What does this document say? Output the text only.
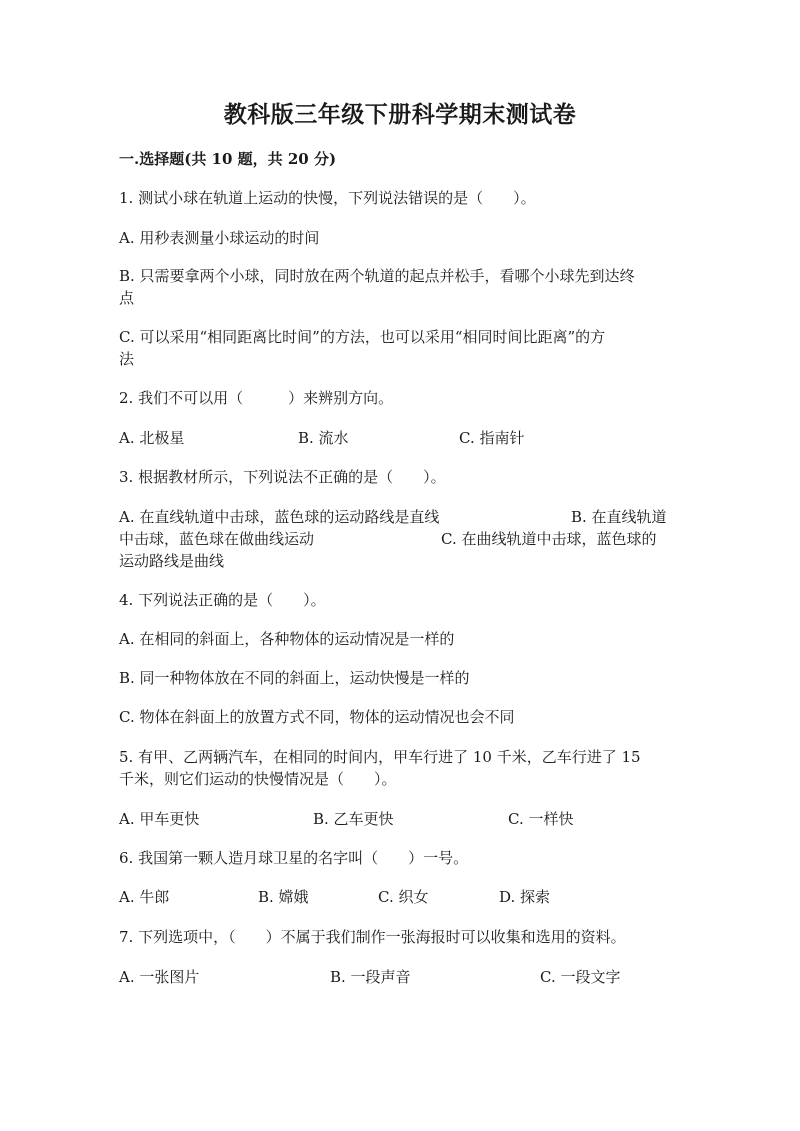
教科版三年级下册科学期末测试卷
一.选择题(共 10 题，共 20 分)
1. 测试小球在轨道上运动的快慢，下列说法错误的是（　　）。
A. 用秒表测量小球运动的时间
B. 只需要拿两个小球，同时放在两个轨道的起点并松手，看哪个小球先到达终
点
C. 可以采用“相同距离比时间”的方法，也可以采用“相同时间比距离”的方
法
2. 我们不可以用（　　　）来辨别方向。
A. 北极星	B. 流水	C. 指南针
3. 根据教材所示，下列说法不正确的是（　　）。
A. 在直线轨道中击球，蓝色球的运动路线是直线	B. 在直线轨道
中击球，蓝色球在做曲线运动	C. 在曲线轨道中击球，蓝色球的
运动路线是曲线
4. 下列说法正确的是（　　）。
A. 在相同的斜面上，各种物体的运动情况是一样的
B. 同一种物体放在不同的斜面上，运动快慢是一样的
C. 物体在斜面上的放置方式不同，物体的运动情况也会不同
5. 有甲、乙两辆汽车，在相同的时间内，甲车行进了 10 千米，乙车行进了 15
千米，则它们运动的快慢情况是（　　）。
A. 甲车更快	B. 乙车更快	C. 一样快
6. 我国第一颗人造月球卫星的名字叫（　　）一号。
A. 牛郎	B. 嫦娥	C. 织女	D. 探索
7. 下列选项中，（　　）不属于我们制作一张海报时可以收集和选用的资料。
A. 一张图片	B. 一段声音	C. 一段文字
